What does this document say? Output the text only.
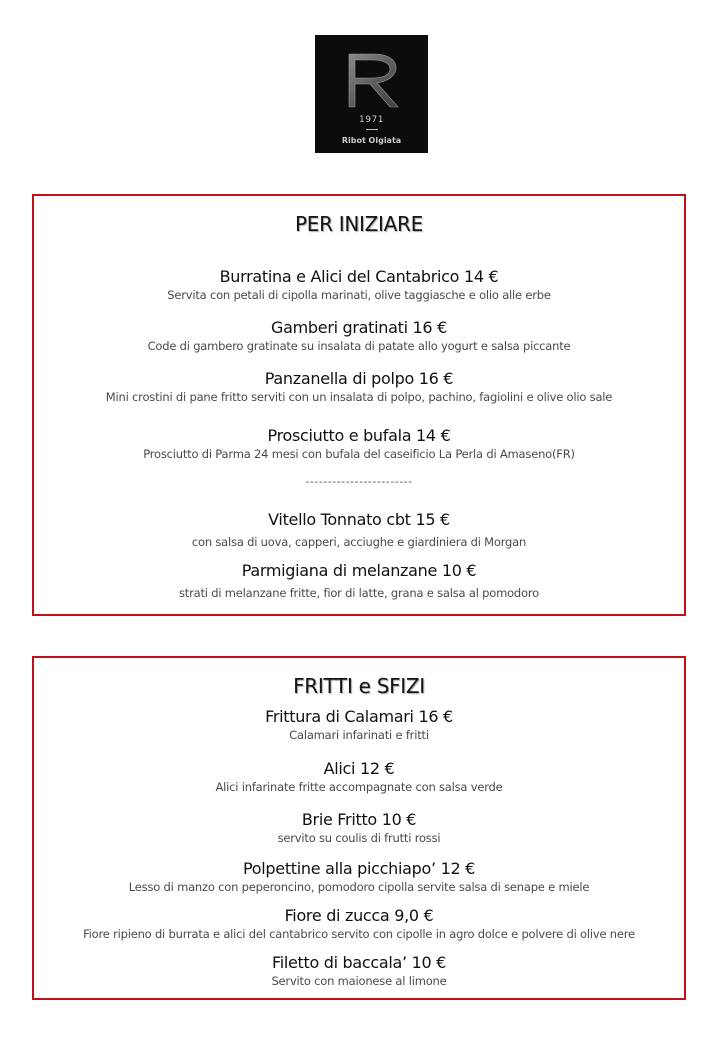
1971
Ribot Olgiata
PER INIZIARE
Burratina e Alici del Cantabrico 14 €
Servita con petali di cipolla marinati, olive taggiasche e olio alle erbe
Gamberi gratinati 16 €
Code di gambero gratinate su insalata di patate allo yogurt e salsa piccante
Panzanella di polpo 16 €
Mini crostini di pane fritto serviti con un insalata di polpo, pachino, fagiolini e olive olio sale
Prosciutto e bufala 14 €
Prosciutto di Parma 24 mesi con bufala del caseificio La Perla di Amaseno(FR)
------------------------
Vitello Tonnato cbt 15 €
con salsa di uova, capperi, acciughe e giardiniera di Morgan
Parmigiana di melanzane 10 €
strati di melanzane fritte, fior di latte, grana e salsa al pomodoro
FRITTI e SFIZI
Frittura di Calamari 16 €
Calamari infarinati e fritti
Alici 12 €
Alici infarinate fritte accompagnate con salsa verde
Brie Fritto 10 €
servito su coulis di frutti rossi
Polpettine alla picchiapo’ 12 €
Lesso di manzo con peperoncino, pomodoro cipolla servite salsa di senape e miele
Fiore di zucca 9,0 €
Fiore ripieno di burrata e alici del cantabrico servito con cipolle in agro dolce e polvere di olive nere
Filetto di baccala’ 10 €
Servito con maionese al limone
